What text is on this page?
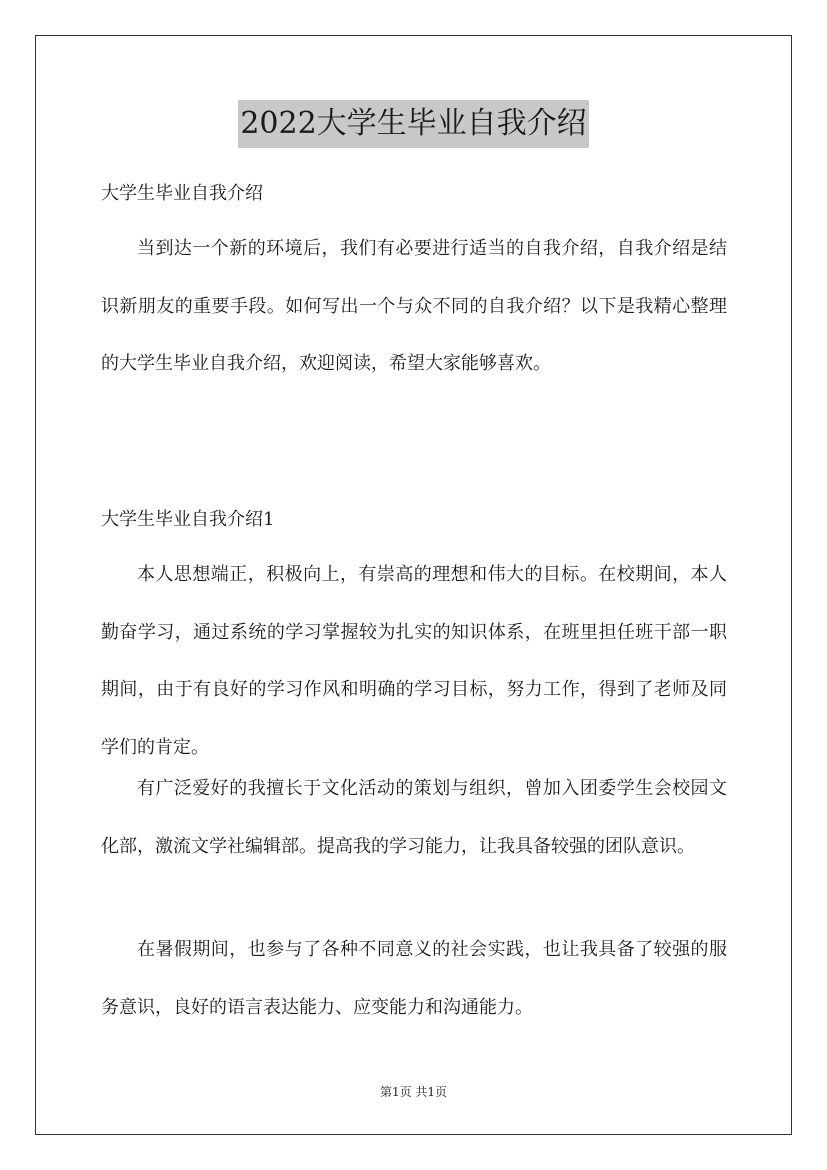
2022大学生毕业自我介绍
大学生毕业自我介绍
当到达一个新的环境后，我们有必要进行适当的自我介绍，自我介绍是结识新朋友的重要手段。如何写出一个与众不同的自我介绍？以下是我精心整理的大学生毕业自我介绍，欢迎阅读，希望大家能够喜欢。
大学生毕业自我介绍1
本人思想端正，积极向上，有崇高的理想和伟大的目标。在校期间，本人勤奋学习，通过系统的学习掌握较为扎实的知识体系，在班里担任班干部一职期间，由于有良好的学习作风和明确的学习目标，努力工作，得到了老师及同学们的肯定。
有广泛爱好的我擅长于文化活动的策划与组织，曾加入团委学生会校园文化部，激流文学社编辑部。提高我的学习能力，让我具备较强的团队意识。
在暑假期间，也参与了各种不同意义的社会实践，也让我具备了较强的服务意识，良好的语言表达能力、应变能力和沟通能力。
第1页 共1页
